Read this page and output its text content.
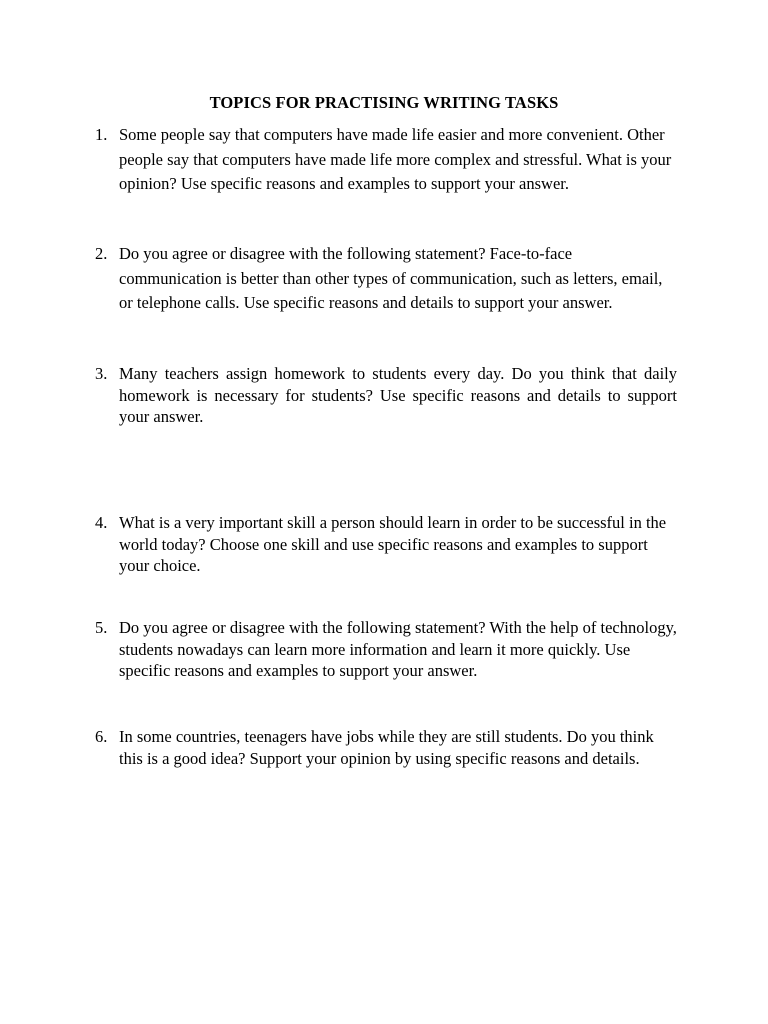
TOPICS FOR PRACTISING WRITING TASKS
1. Some people say that computers have made life easier and more convenient. Other people say that computers have made life more complex and stressful. What is your opinion? Use specific reasons and examples to support your answer.
2. Do you agree or disagree with the following statement? Face-to-face communication is better than other types of communication, such as letters, email, or telephone calls. Use specific reasons and details to support your answer.
3. Many teachers assign homework to students every day. Do you think that daily homework is necessary for students? Use specific reasons and details to support your answer.
4. What is a very important skill a person should learn in order to be successful in the world today? Choose one skill and use specific reasons and examples to support your choice.
5. Do you agree or disagree with the following statement? With the help of technology, students nowadays can learn more information and learn it more quickly. Use specific reasons and examples to support your answer.
6. In some countries, teenagers have jobs while they are still students. Do you think this is a good idea? Support your opinion by using specific reasons and details.
